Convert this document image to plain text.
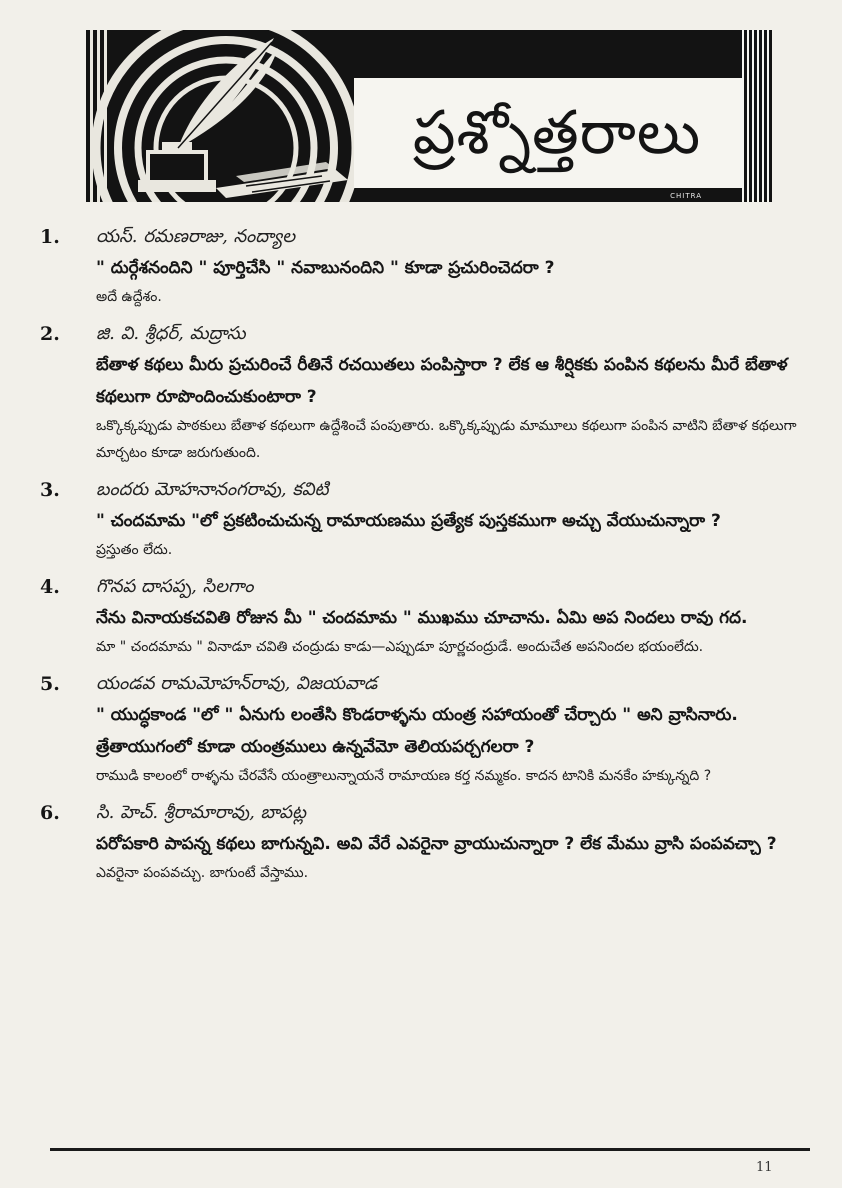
ప్రశ్నోత్తరాలు
CHITRA
1. యస్. రమణరాజు, నంద్యాల
" దుర్గేశనందిని " పూర్తిచేసి " నవాబునందిని " కూడా ప్రచురించెదరా ?
అదే ఉద్దేశం.
2. జి. వి. శ్రీధర్, మద్రాసు
బేతాళ కథలు మీరు ప్రచురించే రీతినే రచయితలు పంపిస్తారా ? లేక ఆ శీర్షికకు పంపిన కథలను మీరే బేతాళ కథలుగా రూపొందించుకుంటారా ?
ఒక్కొక్కప్పుడు పాఠకులు బేతాళ కథలుగా ఉద్దేశించే పంపుతారు. ఒక్కొక్కప్పుడు మామూలు కథలుగా పంపిన వాటిని బేతాళ కథలుగా మార్చటం కూడా జరుగుతుంది.
3. బందరు మోహనానంగరావు, కవిటి
" చందమామ "లో ప్రకటించుచున్న రామాయణము ప్రత్యేక పుస్తకముగా అచ్చు వేయుచున్నారా ?
ప్రస్తుతం లేదు.
4. గొనప దాసప్ప, సిలగాం
నేను వినాయకచవితి రోజున మీ " చందమామ " ముఖము చూచాను. ఏమి అప నిందలు రావు గద.
మా " చందమామ " వినాడూ చవితి చంద్రుడు కాడు—ఎప్పుడూ పూర్ణచంద్రుడే. అందుచేత అపనిందల భయంలేదు.
5. యండవ రామమోహన్‌రావు, విజయవాడ
" యుద్ధకాండ "లో " ఏనుగు లంతేసి కొండరాళ్ళను యంత్ర సహాయంతో చేర్చారు " అని వ్రాసినారు. త్రేతాయుగంలో కూడా యంత్రములు ఉన్నవేమో తెలియపర్చగలరా ?
రాముడి కాలంలో రాళ్ళను చేరవేసే యంత్రాలున్నాయనే రామాయణ కర్త నమ్మకం. కాదన టానికి మనకేం హక్కున్నది ?
6. సి. హెచ్. శ్రీరామారావు, బాపట్ల
పరోపకారి పాపన్న కథలు బాగున్నవి. అవి వేరే ఎవరైనా వ్రాయుచున్నారా ? లేక మేము వ్రాసి పంపవచ్చా ?
ఎవరైనా పంపవచ్చు. బాగుంటే వేస్తాము.
11
